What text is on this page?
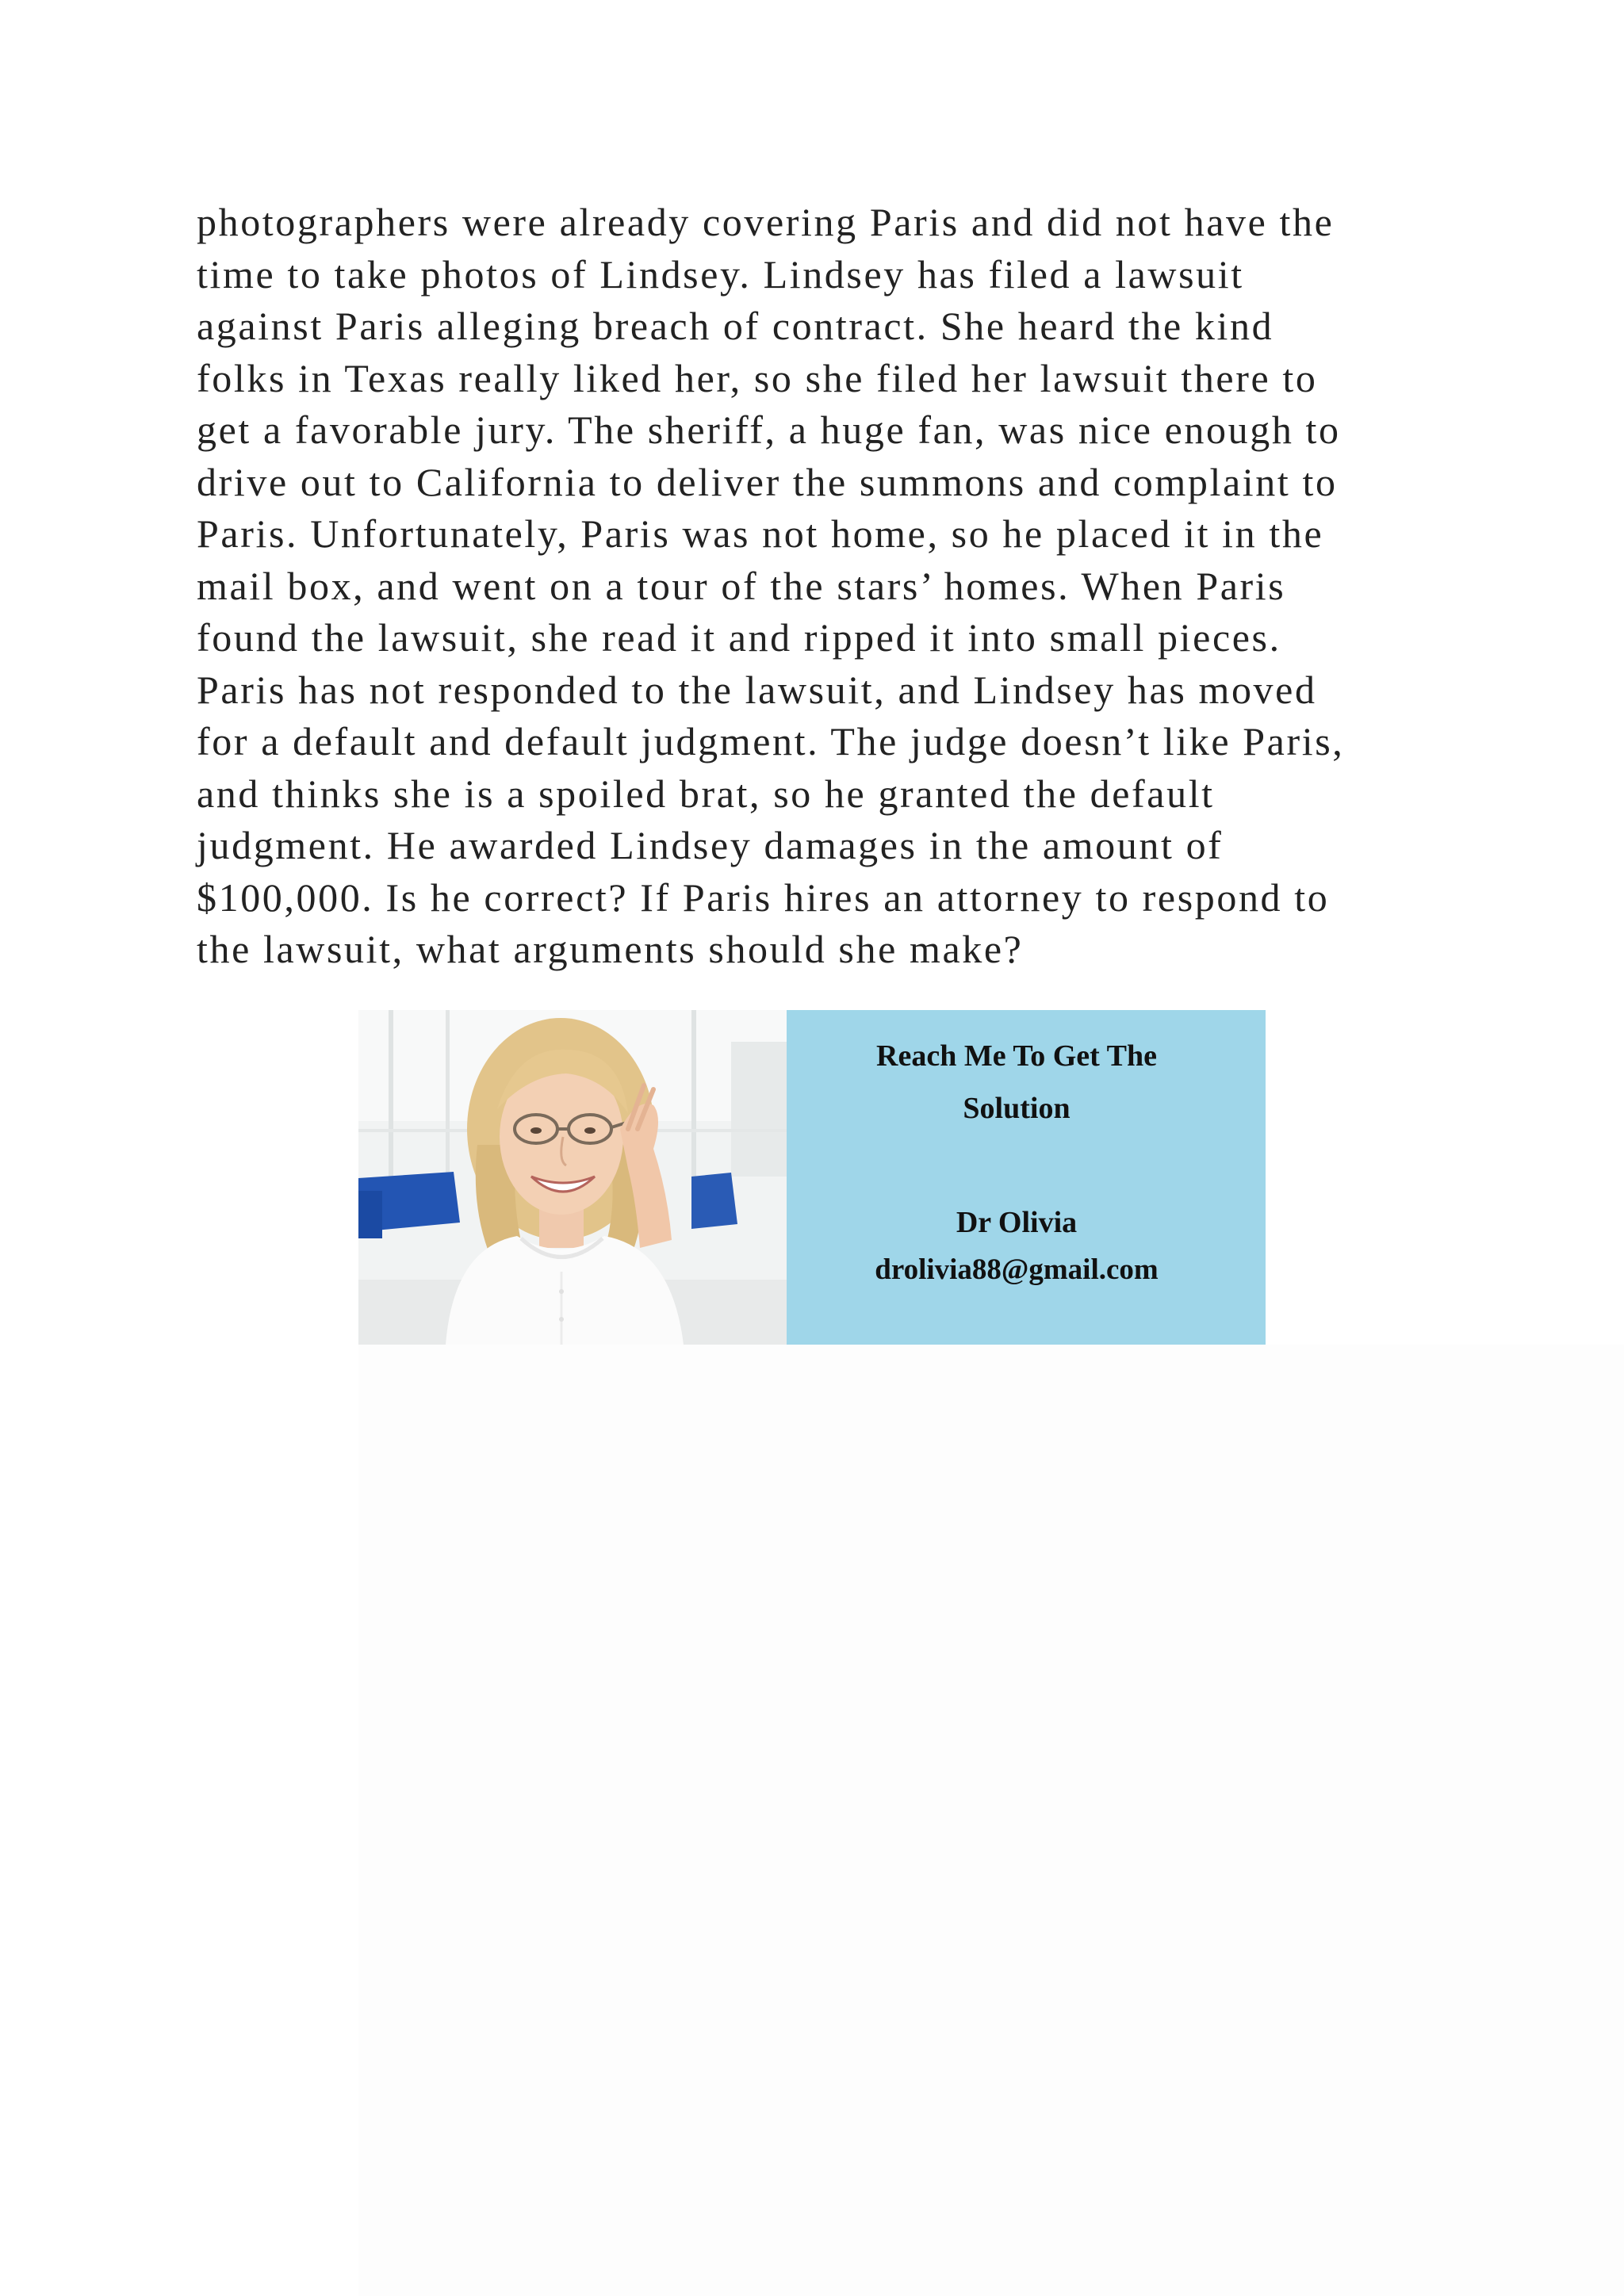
photographers were already covering Paris and did not have the
time to take photos of Lindsey. Lindsey has filed a lawsuit
against Paris alleging breach of contract. She heard the kind
folks in Texas really liked her, so she filed her lawsuit there to
get a favorable jury. The sheriff, a huge fan, was nice enough to
drive out to California to deliver the summons and complaint to
Paris. Unfortunately, Paris was not home, so he placed it in the
mail box, and went on a tour of the stars’ homes. When Paris
found the lawsuit, she read it and ripped it into small pieces.
Paris has not responded to the lawsuit, and Lindsey has moved
for a default and default judgment. The judge doesn’t like Paris,
and thinks she is a spoiled brat, so he granted the default
judgment. He awarded Lindsey damages in the amount of
$100,000. Is he correct? If Paris hires an attorney to respond to
the lawsuit, what arguments should she make?
Reach Me To Get The
Solution
Dr Olivia
drolivia88@gmail.com
